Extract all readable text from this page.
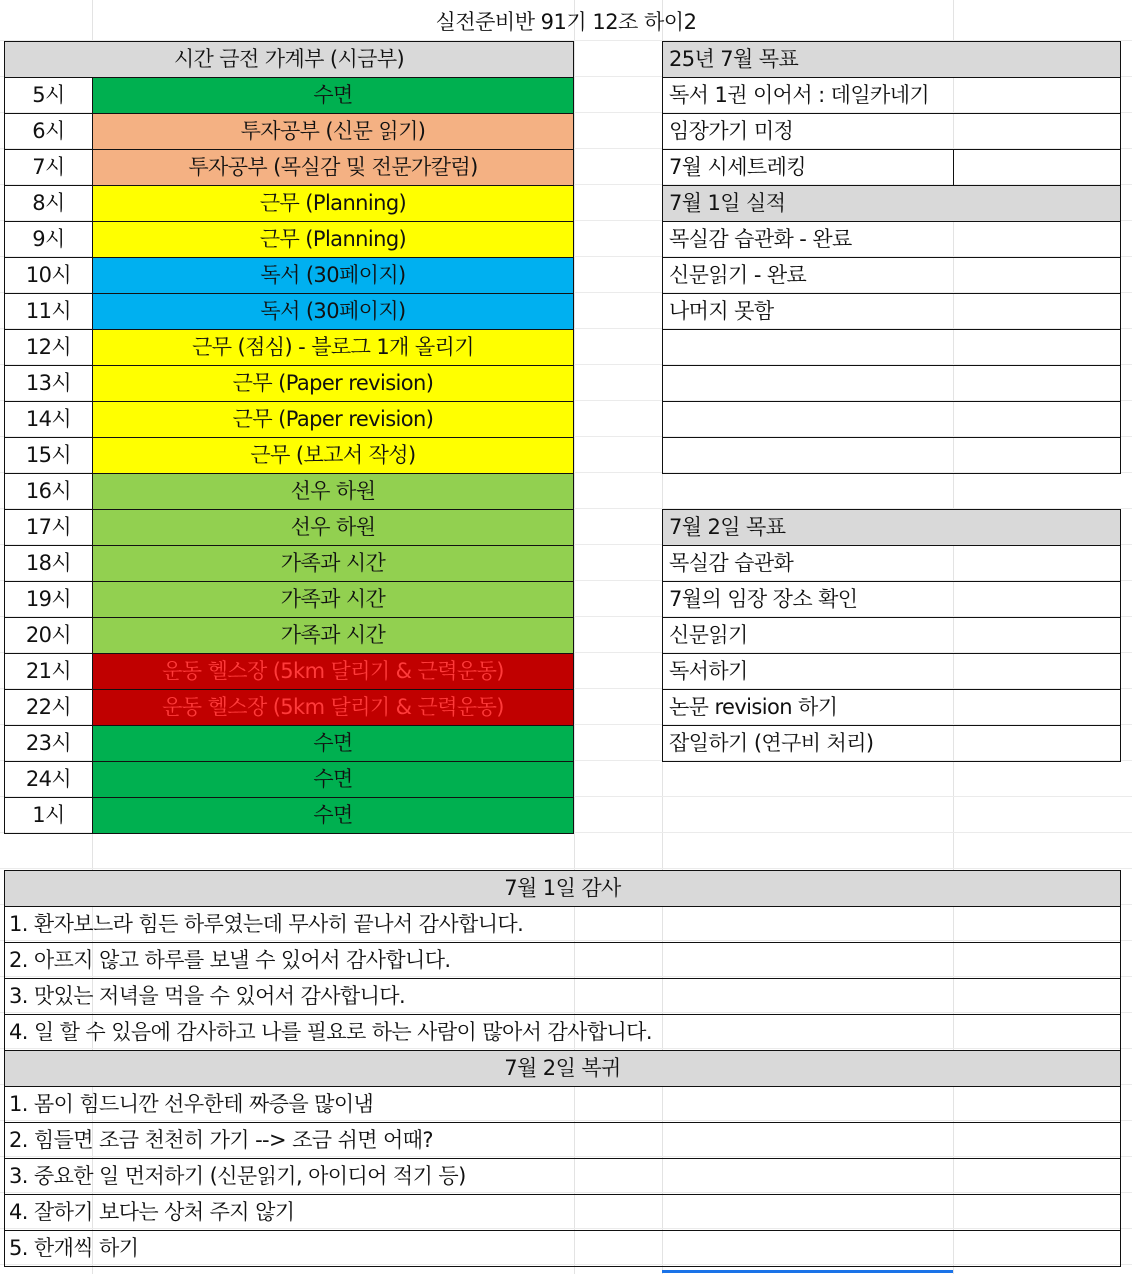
실전준비반 91기 12조 하이2
시간 금전 가계부 (시금부)
5시	수면
6시	투자공부 (신문 읽기)
7시	투자공부 (목실감 및 전문가칼럼)
8시	근무 (Planning)
9시	근무 (Planning)
10시	독서 (30페이지)
11시	독서 (30페이지)
12시	근무 (점심) - 블로그 1개 올리기
13시	근무 (Paper revision)
14시	근무 (Paper revision)
15시	근무 (보고서 작성)
16시	선우 하원
17시	선우 하원
18시	가족과 시간
19시	가족과 시간
20시	가족과 시간
21시	운동 헬스장 (5km 달리기 & 근력운동)
22시	운동 헬스장 (5km 달리기 & 근력운동)
23시	수면
24시	수면
1시	수면
25년 7월 목표
독서 1권 이어서 : 데일카네기
임장가기 미정
7월 시세트레킹
7월 1일 실적
목실감 습관화 - 완료
신문읽기 - 완료
나머지 못함
7월 2일 목표
목실감 습관화
7월의 임장 장소 확인
신문읽기
독서하기
논문 revision 하기
잡일하기 (연구비 처리)
7월 1일 감사
1. 환자보느라 힘든 하루였는데 무사히 끝나서 감사합니다.
2. 아프지 않고 하루를 보낼 수 있어서 감사합니다.
3. 맛있는 저녁을 먹을 수 있어서 감사합니다.
4. 일 할 수 있음에 감사하고 나를 필요로 하는 사람이 많아서 감사합니다.
7월 2일 복귀
1. 몸이 힘드니깐 선우한테 짜증을 많이냄
2. 힘들면 조금 천천히 가기 --> 조금 쉬면 어때?
3. 중요한 일 먼저하기 (신문읽기, 아이디어 적기 등)
4. 잘하기 보다는 상처 주지 않기
5. 한개씩 하기
